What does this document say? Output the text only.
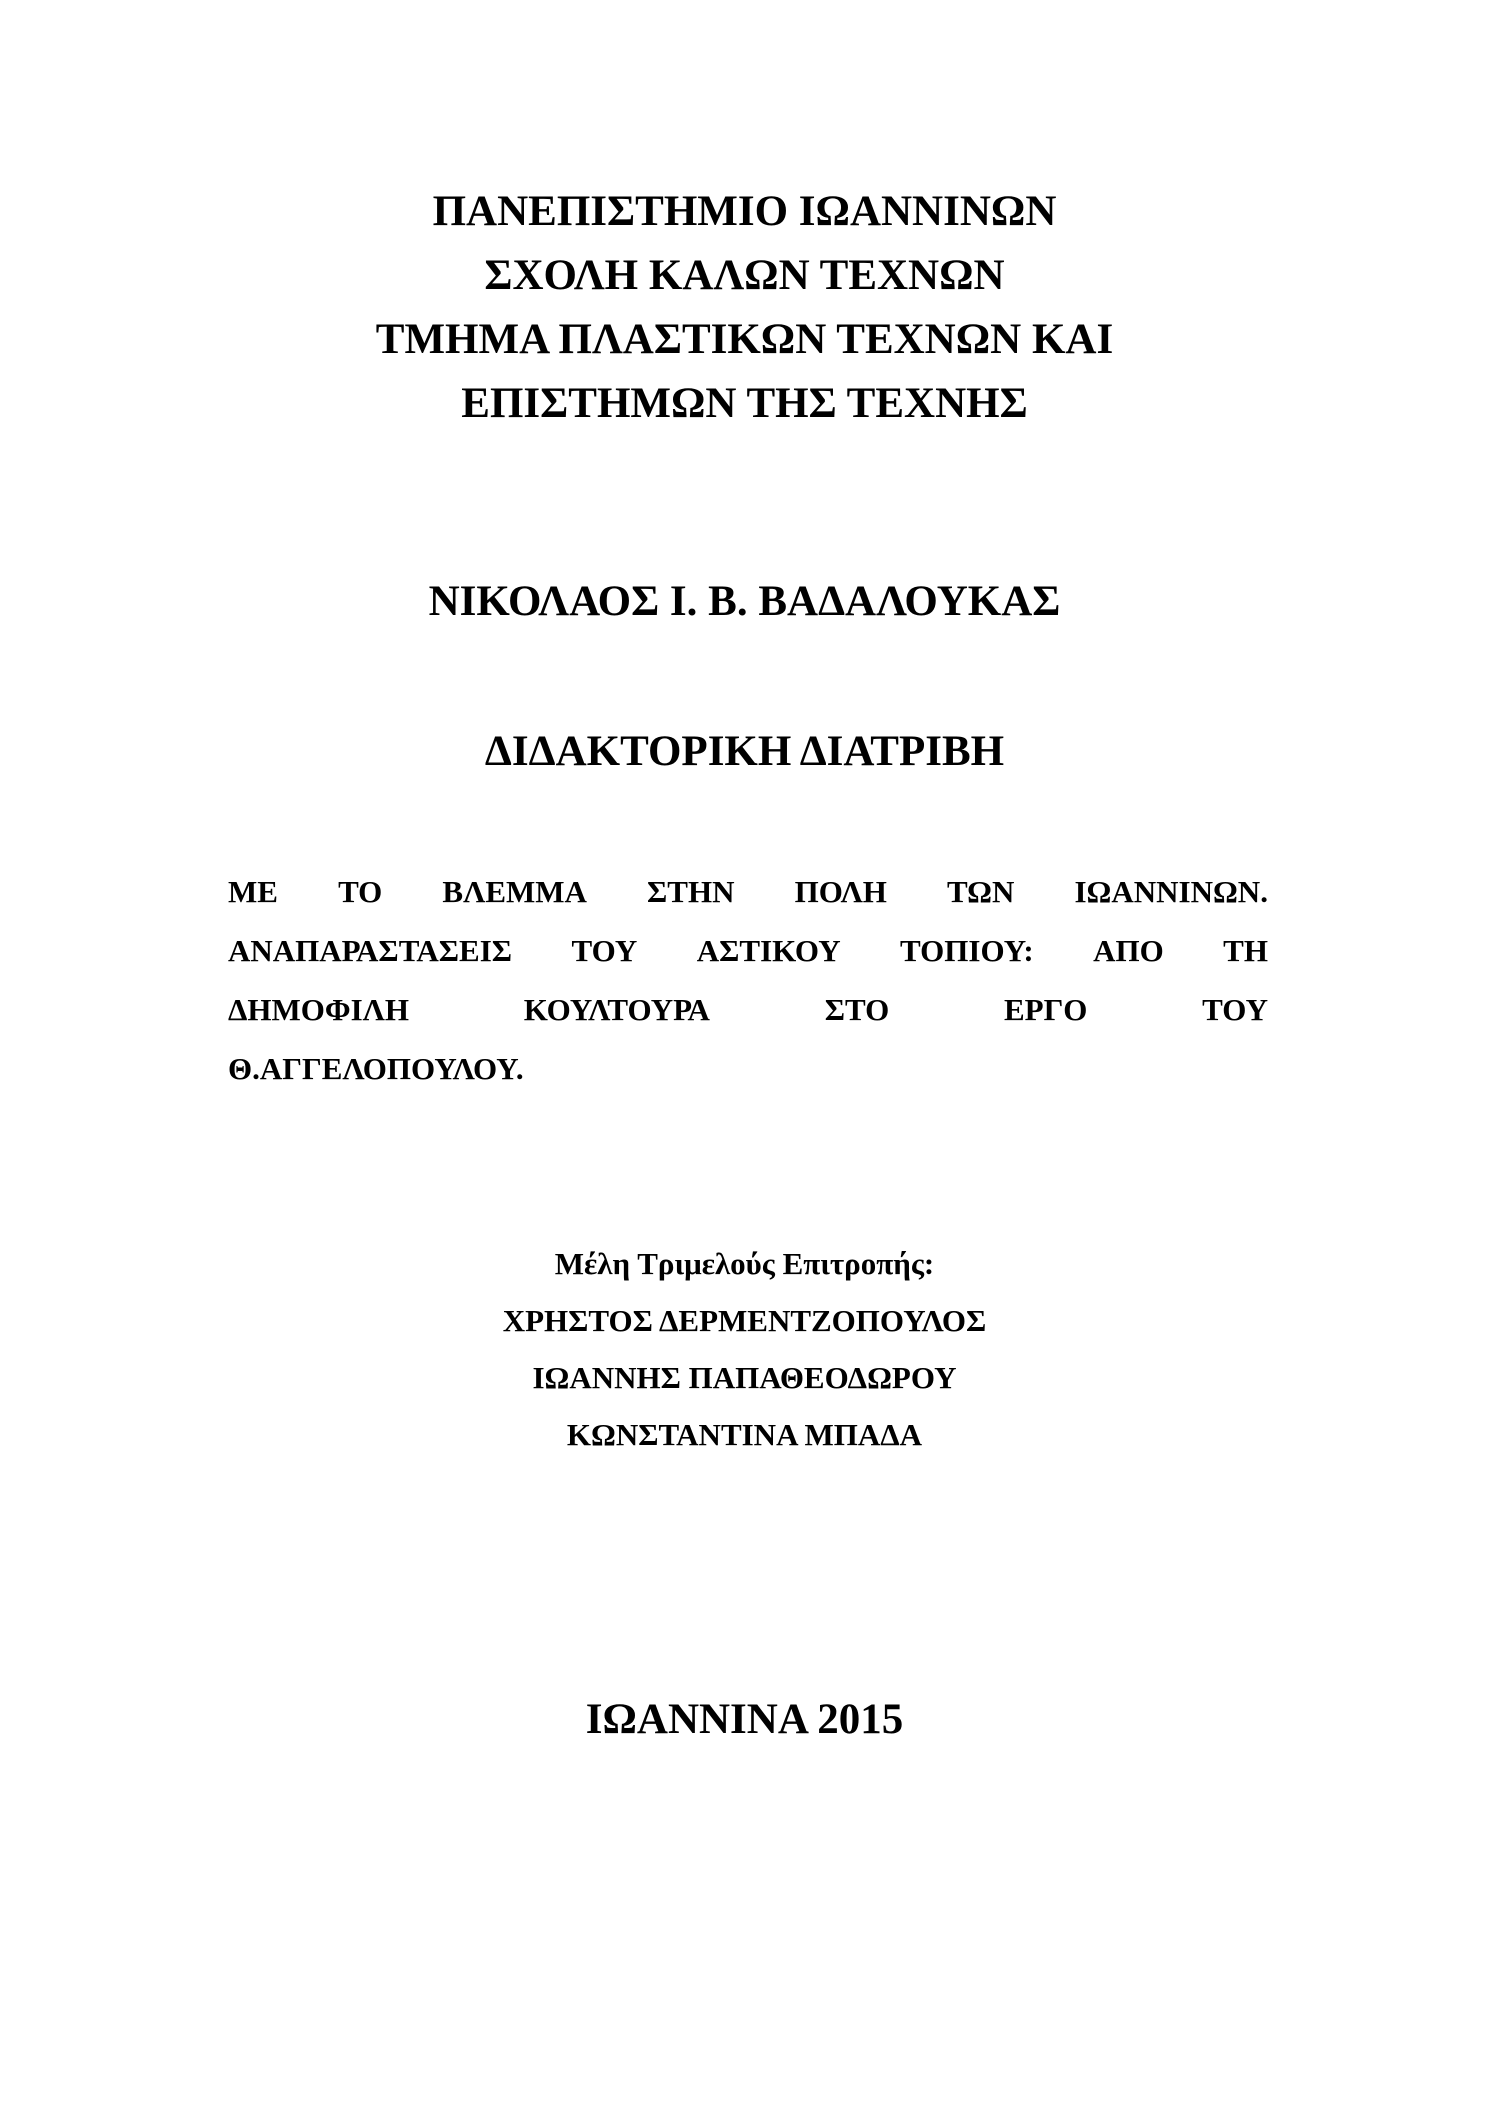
ΠΑΝΕΠΙΣΤΗΜΙΟ ΙΩΑΝΝΙΝΩΝ
ΣΧΟΛΗ ΚΑΛΩΝ ΤΕΧΝΩΝ
ΤΜΗΜΑ ΠΛΑΣΤΙΚΩΝ ΤΕΧΝΩΝ ΚΑΙ
ΕΠΙΣΤΗΜΩΝ ΤΗΣ ΤΕΧΝΗΣ
ΝΙΚΟΛΑΟΣ Ι. Β. ΒΑΔΑΛΟΥΚΑΣ
ΔΙΔΑΚΤΟΡΙΚΗ ΔΙΑΤΡΙΒΗ
ΜΕ ΤΟ ΒΛΕΜΜΑ ΣΤΗΝ ΠΟΛΗ ΤΩΝ ΙΩΑΝΝΙΝΩΝ.
ΑΝΑΠΑΡΑΣΤΑΣΕΙΣ ΤΟΥ ΑΣΤΙΚΟΥ ΤΟΠΙΟΥ: ΑΠΟ ΤΗ
ΔΗΜΟΦΙΛΗ	ΚΟΥΛΤΟΥΡΑ	ΣΤΟ	ΕΡΓΟ	ΤΟΥ
Θ.ΑΓΓΕΛΟΠΟΥΛΟΥ.
Μέλη Τριμελούς Επιτροπής:
ΧΡΗΣΤΟΣ ΔΕΡΜΕΝΤΖΟΠΟΥΛΟΣ
ΙΩΑΝΝΗΣ ΠΑΠΑΘΕΟΔΩΡΟΥ
ΚΩΝΣΤΑΝΤΙΝΑ ΜΠΑΔΑ
ΙΩΑΝΝΙΝΑ 2015
